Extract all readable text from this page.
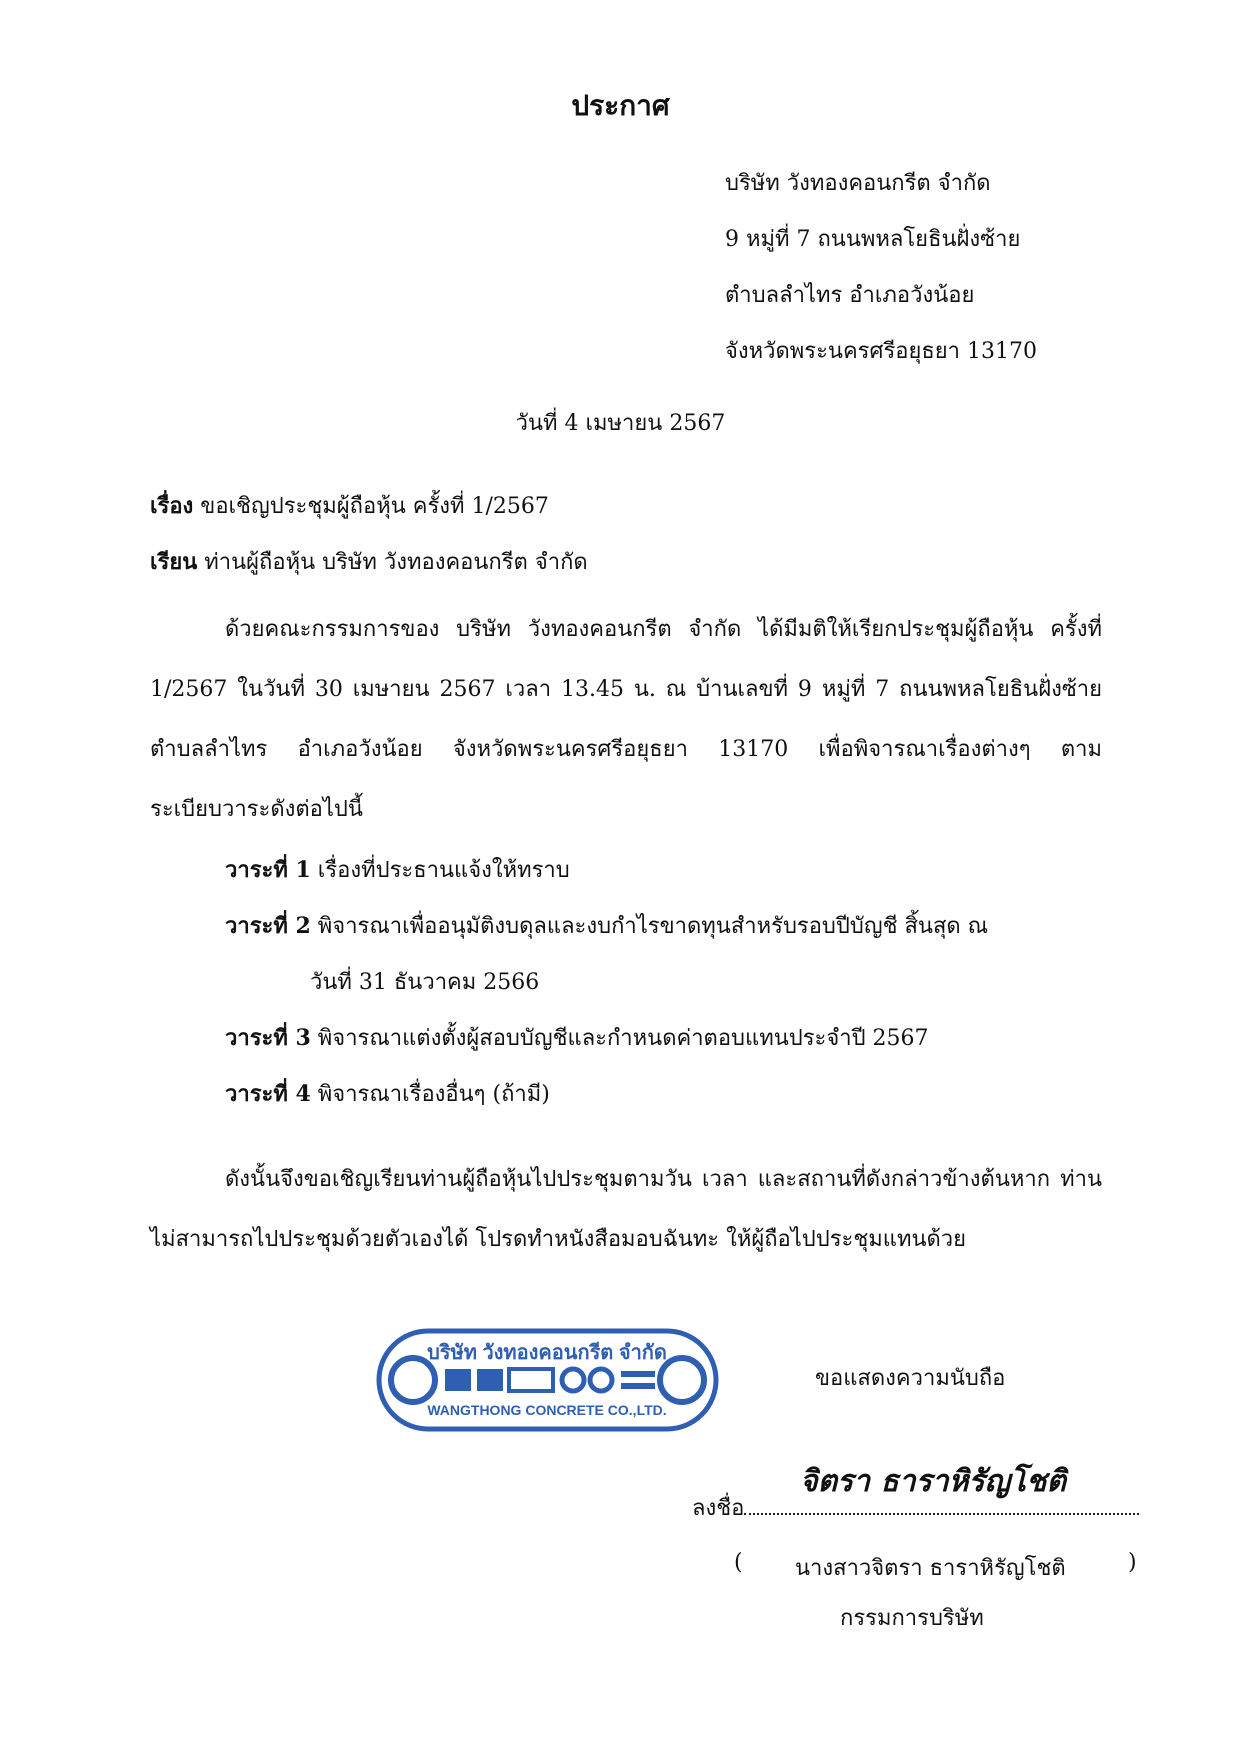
ประกาศ
บริษัท วังทองคอนกรีต จำกัด
9 หมู่ที่ 7 ถนนพหลโยธินฝั่งซ้าย
ตำบลลำไทร อำเภอวังน้อย
จังหวัดพระนครศรีอยุธยา 13170
วันที่ 4 เมษายน 2567
เรื่อง ขอเชิญประชุมผู้ถือหุ้น ครั้งที่ 1/2567
เรียน ท่านผู้ถือหุ้น บริษัท วังทองคอนกรีต จำกัด
ด้วยคณะกรรมการของ บริษัท วังทองคอนกรีต จำกัด ได้มีมติให้เรียกประชุมผู้ถือหุ้น ครั้งที่ 1/2567 ในวันที่ 30 เมษายน 2567 เวลา 13.45 น. ณ บ้านเลขที่ 9 หมู่ที่ 7 ถนนพหลโยธินฝั่งซ้าย ตำบลลำไทร อำเภอวังน้อย จังหวัดพระนครศรีอยุธยา 13170 เพื่อพิจารณาเรื่องต่างๆ ตามระเบียบวาระดังต่อไปนี้
วาระที่ 1 เรื่องที่ประธานแจ้งให้ทราบ
วาระที่ 2 พิจารณาเพื่ออนุมัติงบดุลและงบกำไรขาดทุนสำหรับรอบปีบัญชี สิ้นสุด ณ
วันที่ 31 ธันวาคม 2566
วาระที่ 3 พิจารณาแต่งตั้งผู้สอบบัญชีและกำหนดค่าตอบแทนประจำปี 2567
วาระที่ 4 พิจารณาเรื่องอื่นๆ (ถ้ามี)
ดังนั้นจึงขอเชิญเรียนท่านผู้ถือหุ้นไปประชุมตามวัน เวลา และสถานที่ดังกล่าวข้างต้นหาก ท่านไม่สามารถไปประชุมด้วยตัวเองได้ โปรดทำหนังสือมอบฉันทะ ให้ผู้ถือไปประชุมแทนด้วย
บริษัท วังทองคอนกรีต จำกัด
WANGTHONG CONCRETE CO.,LTD.
ขอแสดงความนับถือ
จิตรา ธาราหิรัญโชติ
ลงชื่อ
( นางสาวจิตรา ธาราหิรัญโชติ	)
กรรมการบริษัท
